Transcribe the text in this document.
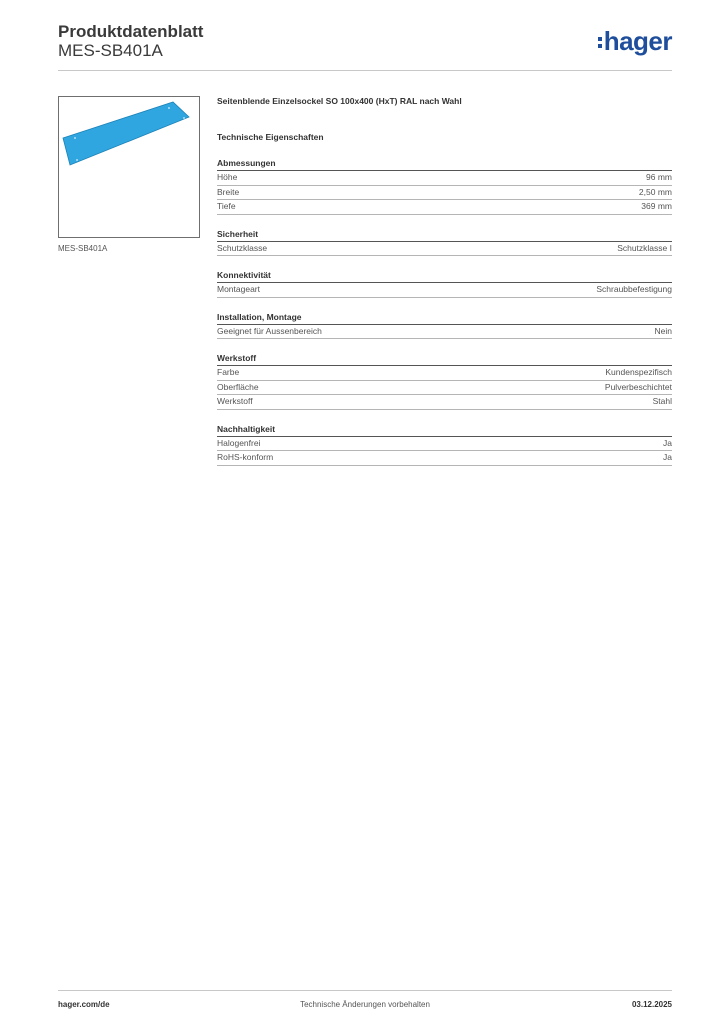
Produktdatenblatt
MES-SB401A	hager
MES-SB401A
Seitenblende Einzelsockel SO 100x400 (HxT) RAL nach Wahl
Technische Eigenschaften
Abmessungen
Höhe	96 mm
Breite	2,50 mm
Tiefe	369 mm
Sicherheit
Schutzklasse	Schutzklasse I
Konnektivität
Montageart	Schraubbefestigung
Installation, Montage
Geeignet für Aussenbereich	Nein
Werkstoff
Farbe	Kundenspezifisch
Oberfläche	Pulverbeschichtet
Werkstoff	Stahl
Nachhaltigkeit
Halogenfrei	Ja
RoHS-konform	Ja
hager.com/de	Technische Änderungen vorbehalten	03.12.2025
